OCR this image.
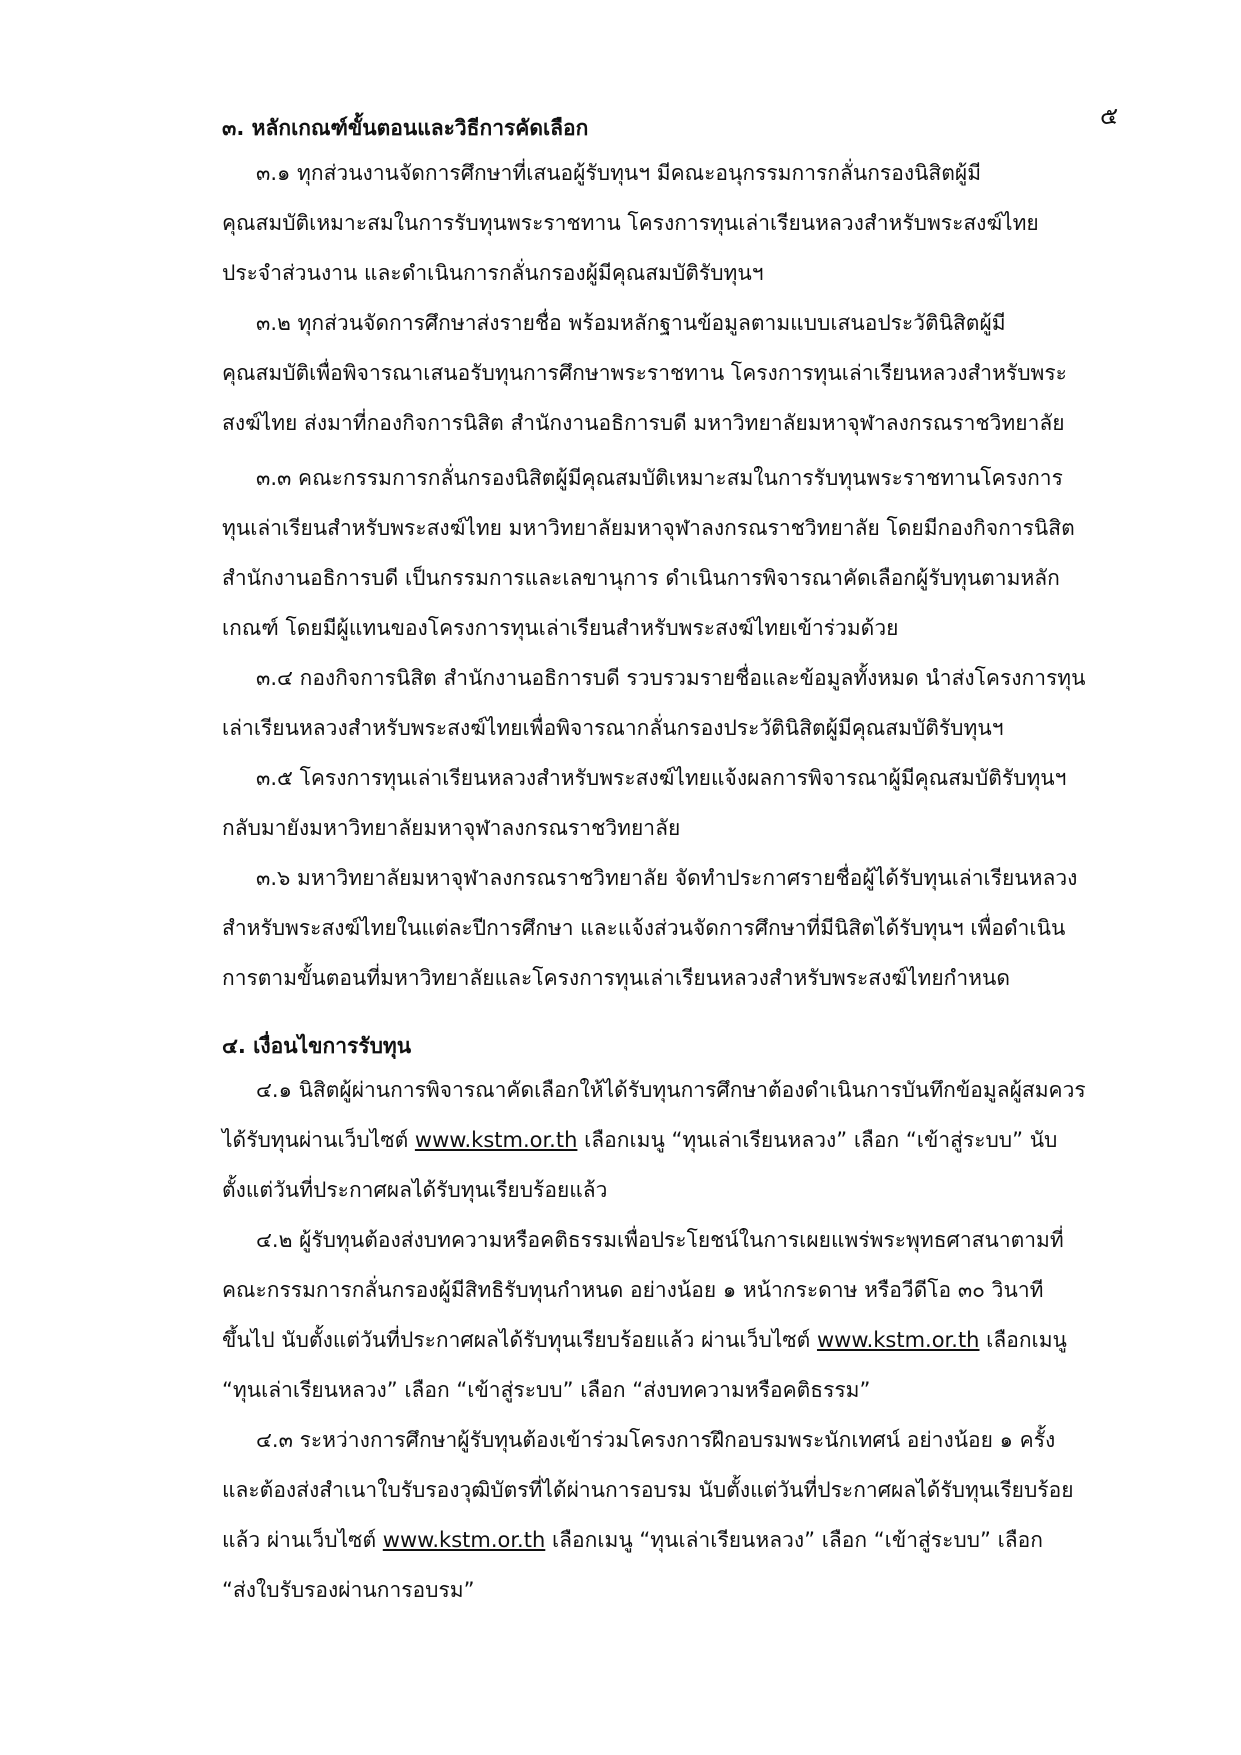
๕
๓. หลักเกณฑ์ขั้นตอนและวิธีการคัดเลือก
๓.๑ ทุกส่วนงานจัดการศึกษาที่เสนอผู้รับทุนฯ มีคณะอนุกรรมการกลั่นกรองนิสิตผู้มี
คุณสมบัติเหมาะสมในการรับทุนพระราชทาน โครงการทุนเล่าเรียนหลวงสำหรับพระสงฆ์ไทย
ประจำส่วนงาน และดำเนินการกลั่นกรองผู้มีคุณสมบัติรับทุนฯ
๓.๒ ทุกส่วนจัดการศึกษาส่งรายชื่อ พร้อมหลักฐานข้อมูลตามแบบเสนอประวัตินิสิตผู้มี
คุณสมบัติเพื่อพิจารณาเสนอรับทุนการศึกษาพระราชทาน โครงการทุนเล่าเรียนหลวงสำหรับพระ
สงฆ์ไทย ส่งมาที่กองกิจการนิสิต สำนักงานอธิการบดี มหาวิทยาลัยมหาจุฬาลงกรณราชวิทยาลัย
๓.๓ คณะกรรมการกลั่นกรองนิสิตผู้มีคุณสมบัติเหมาะสมในการรับทุนพระราชทานโครงการ
ทุนเล่าเรียนสำหรับพระสงฆ์ไทย มหาวิทยาลัยมหาจุฬาลงกรณราชวิทยาลัย โดยมีกองกิจการนิสิต
สำนักงานอธิการบดี เป็นกรรมการและเลขานุการ ดำเนินการพิจารณาคัดเลือกผู้รับทุนตามหลัก
เกณฑ์ โดยมีผู้แทนของโครงการทุนเล่าเรียนสำหรับพระสงฆ์ไทยเข้าร่วมด้วย
๓.๔ กองกิจการนิสิต สำนักงานอธิการบดี รวบรวมรายชื่อและข้อมูลทั้งหมด นำส่งโครงการทุน
เล่าเรียนหลวงสำหรับพระสงฆ์ไทยเพื่อพิจารณากลั่นกรองประวัตินิสิตผู้มีคุณสมบัติรับทุนฯ
๓.๕ โครงการทุนเล่าเรียนหลวงสำหรับพระสงฆ์ไทยแจ้งผลการพิจารณาผู้มีคุณสมบัติรับทุนฯ
กลับมายังมหาวิทยาลัยมหาจุฬาลงกรณราชวิทยาลัย
๓.๖ มหาวิทยาลัยมหาจุฬาลงกรณราชวิทยาลัย จัดทำประกาศรายชื่อผู้ได้รับทุนเล่าเรียนหลวง
สำหรับพระสงฆ์ไทยในแต่ละปีการศึกษา และแจ้งส่วนจัดการศึกษาที่มีนิสิตได้รับทุนฯ เพื่อดำเนิน
การตามขั้นตอนที่มหาวิทยาลัยและโครงการทุนเล่าเรียนหลวงสำหรับพระสงฆ์ไทยกำหนด
๔. เงื่อนไขการรับทุน
๔.๑ นิสิตผู้ผ่านการพิจารณาคัดเลือกให้ได้รับทุนการศึกษาต้องดำเนินการบันทึกข้อมูลผู้สมควร
ได้รับทุนผ่านเว็บไซต์ www.kstm.or.th เลือกเมนู “ทุนเล่าเรียนหลวง” เลือก “เข้าสู่ระบบ” นับ
ตั้งแต่วันที่ประกาศผลได้รับทุนเรียบร้อยแล้ว
๔.๒ ผู้รับทุนต้องส่งบทความหรือคติธรรมเพื่อประโยชน์ในการเผยแพร่พระพุทธศาสนาตามที่
คณะกรรมการกลั่นกรองผู้มีสิทธิรับทุนกำหนด อย่างน้อย ๑ หน้ากระดาษ หรือวีดีโอ ๓๐ วินาที
ขึ้นไป นับตั้งแต่วันที่ประกาศผลได้รับทุนเรียบร้อยแล้ว ผ่านเว็บไซต์ www.kstm.or.th เลือกเมนู
“ทุนเล่าเรียนหลวง” เลือก “เข้าสู่ระบบ” เลือก “ส่งบทความหรือคติธรรม”
๔.๓ ระหว่างการศึกษาผู้รับทุนต้องเข้าร่วมโครงการฝึกอบรมพระนักเทศน์ อย่างน้อย ๑ ครั้ง
และต้องส่งสำเนาใบรับรองวุฒิบัตรที่ได้ผ่านการอบรม นับตั้งแต่วันที่ประกาศผลได้รับทุนเรียบร้อย
แล้ว ผ่านเว็บไซต์ www.kstm.or.th เลือกเมนู “ทุนเล่าเรียนหลวง” เลือก “เข้าสู่ระบบ” เลือก
“ส่งใบรับรองผ่านการอบรม”
